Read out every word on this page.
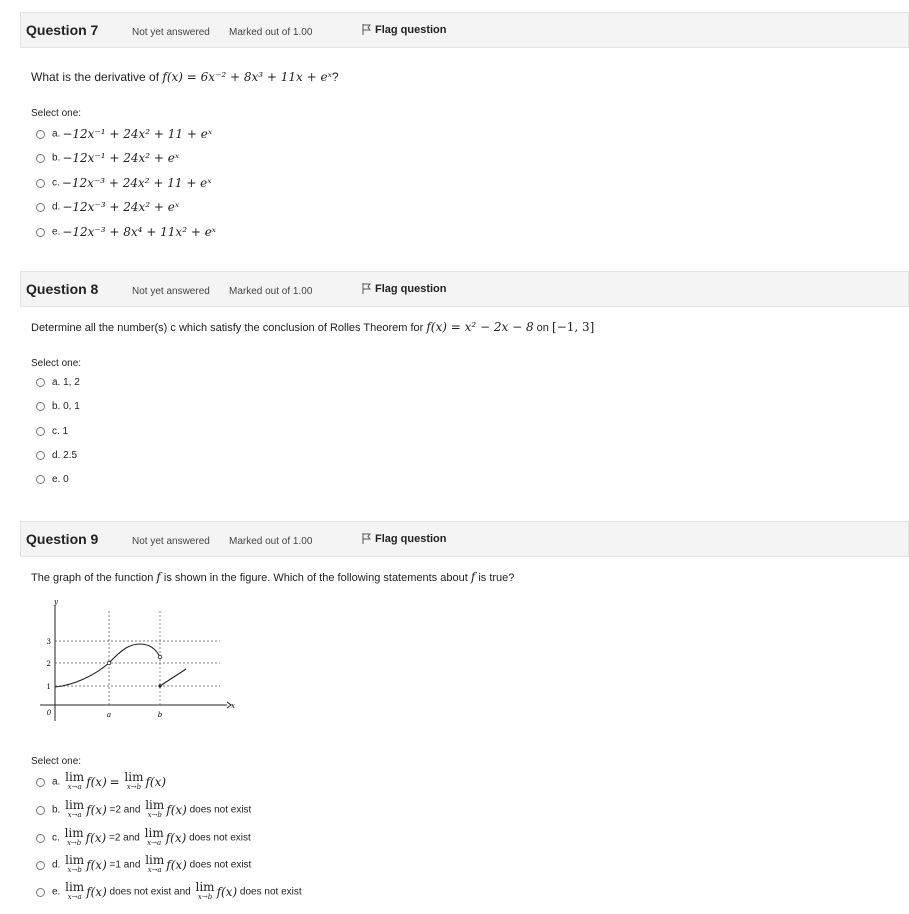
Question 7	Not yet answered Marked out of 1.00	Flag question
What is the derivative of f(x) = 6x⁻² + 8x³ + 11x + eˣ?
Select one:
a. −12x⁻¹ + 24x² + 11 + eˣ
b. −12x⁻¹ + 24x² + eˣ
c. −12x⁻³ + 24x² + 11 + eˣ
d. −12x⁻³ + 24x² + eˣ
e. −12x⁻³ + 8x⁴ + 11x² + eˣ
Question 8	Not yet answered Marked out of 1.00	Flag question
Determine all the number(s) c which satisfy the conclusion of Rolles Theorem for f(x) = x² − 2x − 8 on [−1, 3]
Select one:
a. 1, 2
b. 0, 1
c. 1
d. 2.5
e. 0
Question 9	Not yet answered Marked out of 1.00	Flag question
The graph of the function f is shown in the figure. Which of the following statements about f is true?
y
x
0
3
2
1
a	b
Select one:
a. lim
x→a f(x) = lim
x→b f(x)
b. lim
x→a f(x) =2 and lim
x→b f(x) does not exist
c. lim
x→b f(x) =2 and lim
x→a f(x) does not exist
d. lim
x→b f(x) =1 and lim
x→a f(x) does not exist
e. lim
x→a f(x) does not exist and lim
x→b f(x) does not exist
